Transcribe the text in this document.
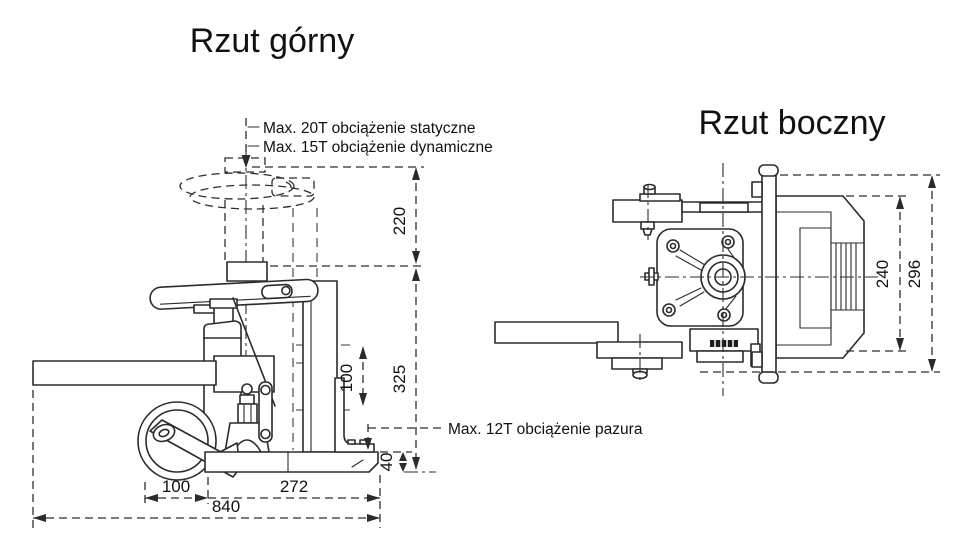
Rzut górny
Max. 20T obciążenie statyczne
Max. 15T obciążenie dynamiczne
220
325
100
40
Max. 12T obciążenie pazura
100	272
840
Rzut boczny
240 296
